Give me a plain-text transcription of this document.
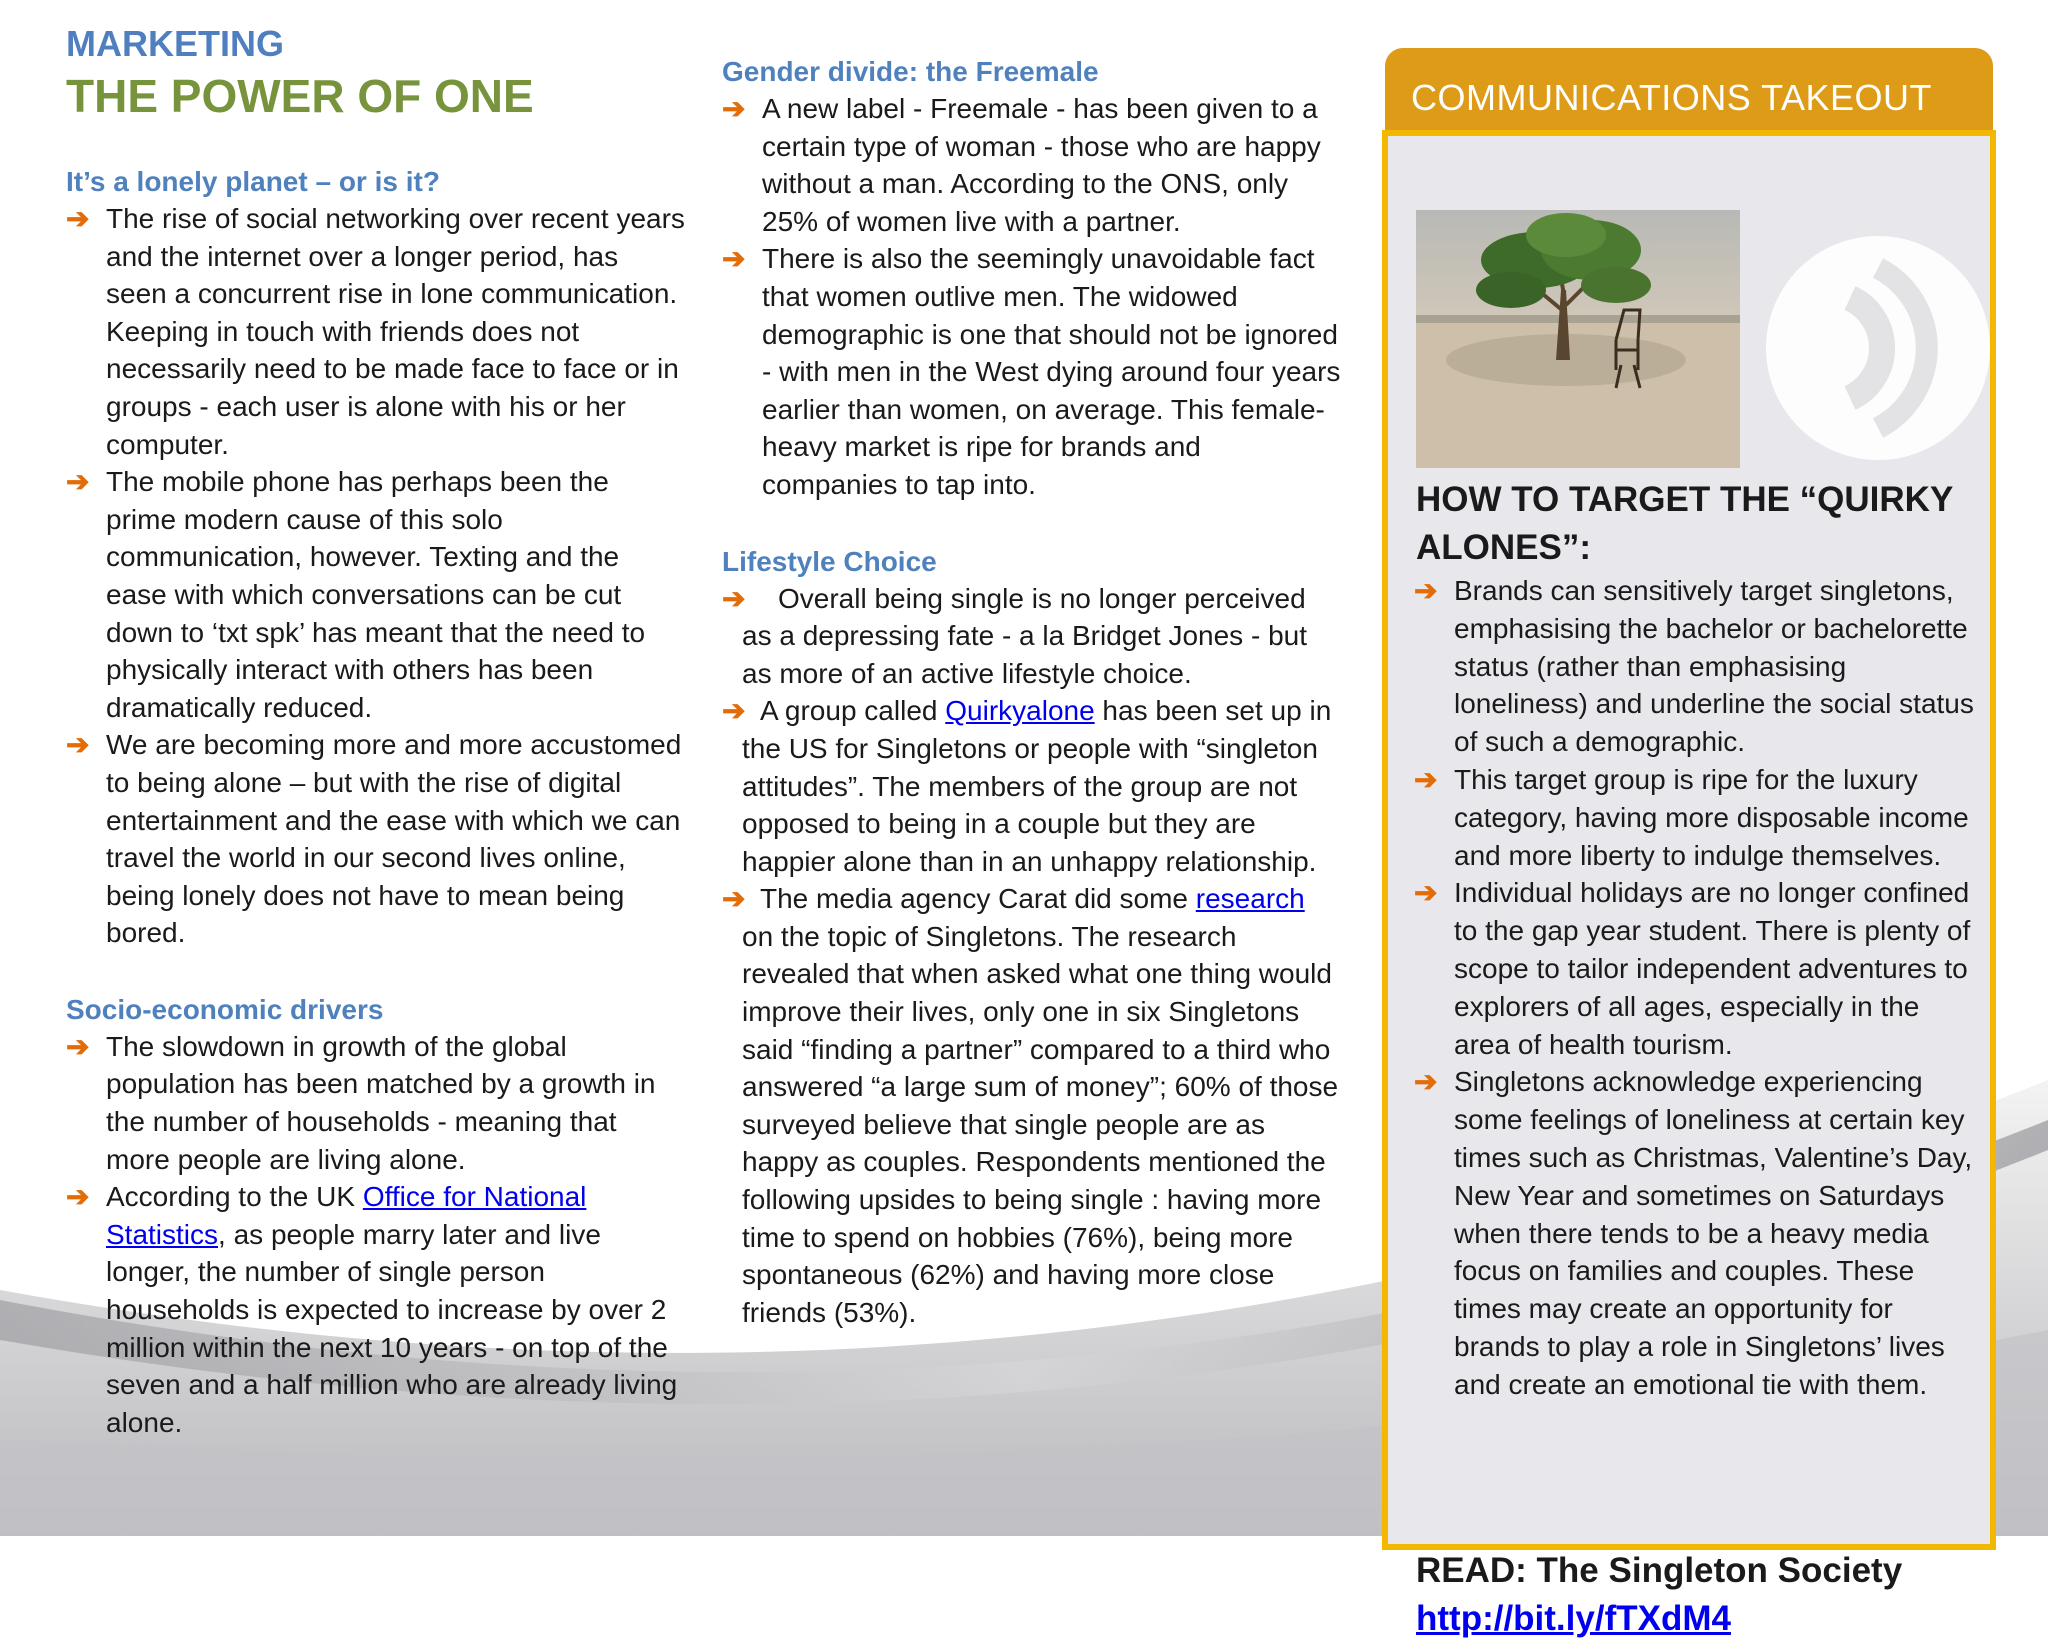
MARKETING
THE POWER OF ONE
It’s a lonely planet – or is it?
➔ The rise of social networking over recent years and the internet over a longer period, has seen a concurrent rise in lone communication. Keeping in touch with friends does not necessarily need to be made face to face or in groups - each user is alone with his or her computer.
➔ The mobile phone has perhaps been the prime modern cause of this solo communication, however. Texting and the ease with which conversations can be cut down to ‘txt spk’ has meant that the need to physically interact with others has been dramatically reduced.
➔ We are becoming more and more accustomed to being alone – but with the rise of digital entertainment and the ease with which we can travel the world in our second lives online, being lonely does not have to mean being bored.
Socio-economic drivers
➔ The slowdown in growth of the global population has been matched by a growth in the number of households - meaning that more people are living alone.
➔ According to the UK Office for National Statistics, as people marry later and live longer, the number of single person households is expected to increase by over 2 million within the next 10 years - on top of the seven and a half million who are already living alone.
Gender divide: the Freemale
➔ A new label - Freemale - has been given to a certain type of woman - those who are happy without a man. According to the ONS, only 25% of women live with a partner.
➔ There is also the seemingly unavoidable fact that women outlive men. The widowed demographic is one that should not be ignored - with men in the West dying around four years earlier than women, on average. This female-heavy market is ripe for brands and companies to tap into.
Lifestyle Choice
➔ Overall being single is no longer perceived as a depressing fate - a la Bridget Jones - but as more of an active lifestyle choice.
➔ A group called Quirkyalone has been set up in the US for Singletons or people with “singleton attitudes”. The members of the group are not opposed to being in a couple but they are happier alone than in an unhappy relationship.
➔ The media agency Carat did some research on the topic of Singletons. The research revealed that when asked what one thing would improve their lives, only one in six Singletons said “finding a partner” compared to a third who answered “a large sum of money”; 60% of those surveyed believe that single people are as happy as couples. Respondents mentioned the following upsides to being single : having more time to spend on hobbies (76%), being more spontaneous (62%) and having more close friends (53%).
COMMUNICATIONS TAKEOUT
HOW TO TARGET THE “QUIRKY ALONES”:
➔ Brands can sensitively target singletons, emphasising the bachelor or bachelorette status (rather than emphasising loneliness) and underline the social status of such a demographic.
➔ This target group is ripe for the luxury category, having more disposable income and more liberty to indulge themselves.
➔ Individual holidays are no longer confined to the gap year student. There is plenty of scope to tailor independent adventures to explorers of all ages, especially in the area of health tourism.
➔ Singletons acknowledge experiencing some feelings of loneliness at certain key times such as Christmas, Valentine’s Day, New Year and sometimes on Saturdays when there tends to be a heavy media focus on families and couples. These times may create an opportunity for brands to play a role in Singletons’ lives and create an emotional tie with them.
READ: The Singleton Society
http://bit.ly/fTXdM4
